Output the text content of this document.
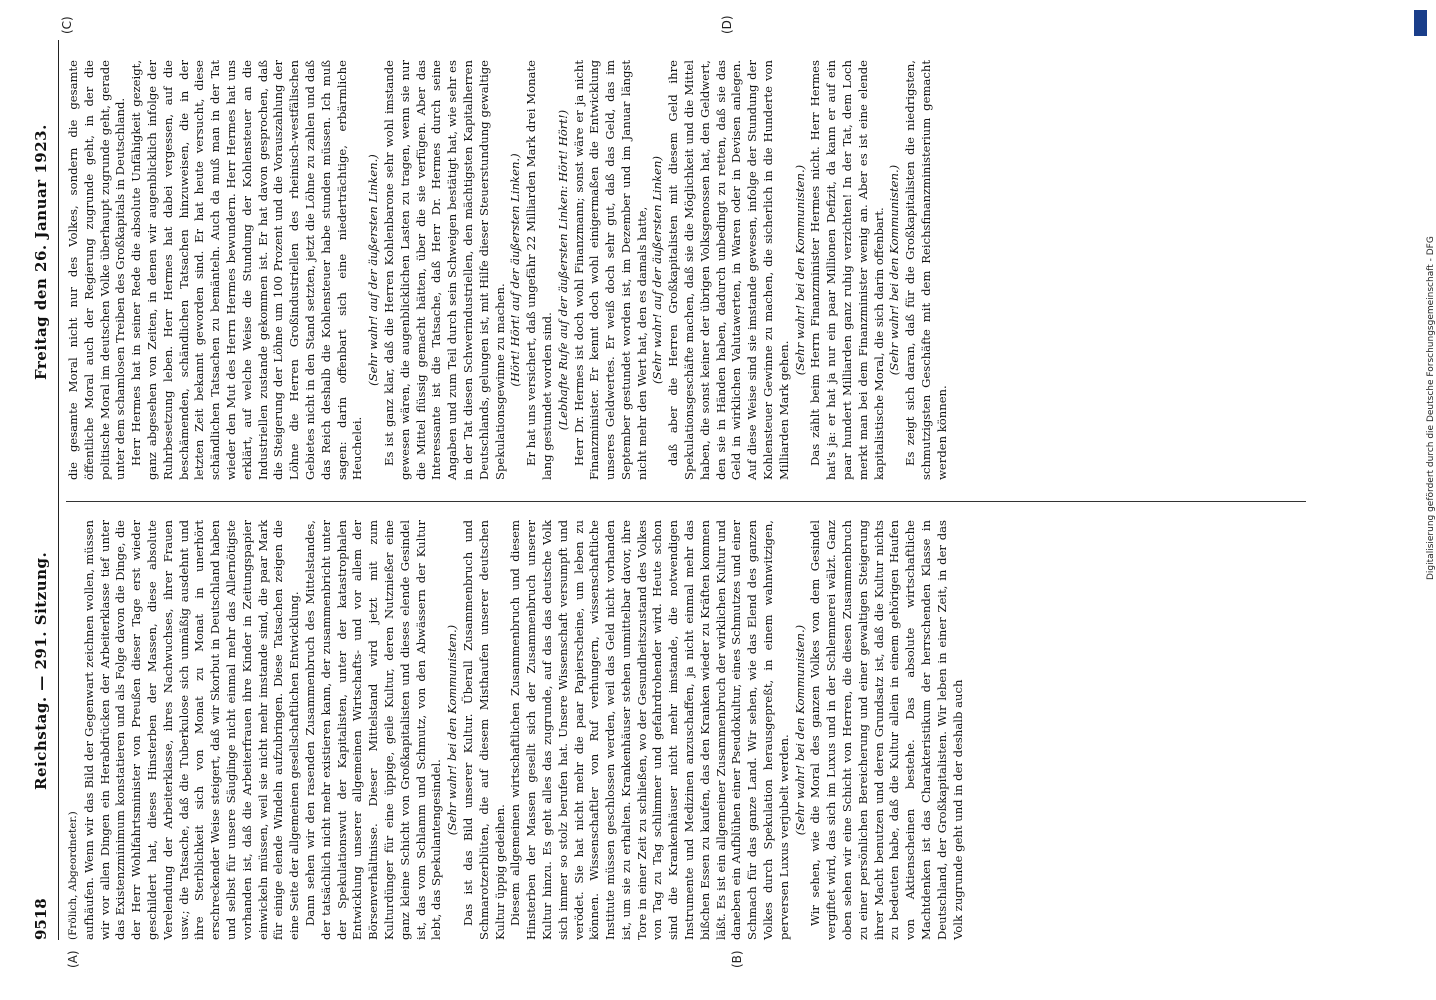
9518
Reichstag. — 291. Sitzung.
Freitag den 26. Januar 1923.
(A)	(B)
(C)	(D)

(Frölich, Abgeordneter.) aufhäufen. Wenn wir das Bild der Gegenwart zeichnen wollen, müssen wir vor allen Dingen ein Herabdrücken der Arbeiterklasse tief unter das Existenzminimum konstatieren und als Folge davon die Dinge, die der Herr Wohlfahrtsminister von Preußen dieser Tage erst wieder geschildert hat, dieses Hinsterben der Massen, diese absolute Verelendung der Arbeiterklasse, ihres Nachwuchses, ihrer Frauen usw.; die Tatsache, daß die Tuberkulose sich unmäßig ausdehnt und ihre Sterblichkeit sich von Monat zu Monat in unerhört erschreckender Weise steigert, daß wir Skorbut in Deutschland haben und selbst für unsere Säuglinge nicht einmal mehr das Allernötigste vorhanden ist, daß die Arbeiterfrauen ihre Kinder in Zeitungspapier einwickeln müssen, weil sie nicht mehr imstande sind, die paar Mark für einige elende Windeln aufzubringen. Diese Tatsachen zeigen die eine Seite der allgemeinen gesellschaftlichen Entwicklung. Dann sehen wir den rasenden Zusammenbruch des Mittelstandes, der tatsächlich nicht mehr existieren kann, der zusammenbricht unter der Spekulationswut der Kapitalisten, unter der katastrophalen Entwicklung unserer allgemeinen Wirtschafts- und vor allem der Börsenverhältnisse. Dieser Mittelstand wird jetzt mit zum Kulturdünger für eine üppige, geile Kultur, deren Nutznießer eine ganz kleine Schicht von Großkapitalisten und dieses elende Gesindel ist, das vom Schlamm und Schmutz, von den Abwässern der Kultur lebt, das Spekulantengesindel.

(Sehr wahr! bei den Kommunisten.) Das ist das Bild unserer Kultur. Überall Zusammenbruch und Schmarotzerblüten, die auf diesem Misthaufen unserer deutschen Kultur üppig gedeihen. Diesem allgemeinen wirtschaftlichen Zusammenbruch und diesem Hinsterben der Massen gesellt sich der Zusammenbruch unserer Kultur hinzu. Es geht alles das zugrunde, auf das das deutsche Volk sich immer so stolz berufen hat. Unsere Wissenschaft versumpft und verödet. Sie hat nicht mehr die paar Papierscheine, um leben zu können. Wissenschaftler von Ruf verhungern, wissenschaftliche Institute müssen geschlossen werden, weil das Geld nicht vorhanden ist, um sie zu erhalten. Krankenhäuser stehen unmittelbar davor, ihre Tore in einer Zeit zu schließen, wo der Gesundheitszustand des Volkes von Tag zu Tag schlimmer und gefahrdrohender wird. Heute schon sind die Krankenhäuser nicht mehr imstande, die notwendigen Instrumente und Medizinen anzuschaffen, ja nicht einmal mehr das bißchen Essen zu kaufen, das den Kranken wieder zu Kräften kommen läßt. Es ist ein allgemeiner Zusammenbruch der wirklichen Kultur und daneben ein Aufblühen einer Pseudokultur, eines Schmutzes und einer Schmach für das ganze Land. Wir sehen, wie das Elend des ganzen Volkes durch Spekulation herausgepreßt, in einem wahnwitzigen, perversen Luxus verjubelt werden.

(Sehr wahr! bei den Kommunisten.) Wir sehen, wie die Moral des ganzen Volkes von dem Gesindel vergiftet wird, das sich im Luxus und in der Schlemmerei wälzt. Ganz oben sehen wir eine Schicht von Herren, die diesen Zusammenbruch zu einer persönlichen Bereicherung und einer gewaltigen Steigerung ihrer Macht benutzen und deren Grundsatz ist, daß die Kultur nichts zu bedeuten habe, daß die Kultur allein in einem gehörigen Haufen von Aktienscheinen bestehe. Das absolute wirtschaftliche Machtdenken ist das Charakteristikum der herrschenden Klasse in Deutschland, der Großkapitalisten. Wir leben in einer Zeit, in der das Volk zugrunde geht und in der deshalb auch

die gesamte Moral nicht nur des Volkes, sondern die gesamte öffentliche Moral auch der Regierung zugrunde geht, in der die politische Moral im deutschen Volke überhaupt zugrunde geht, gerade unter dem schamlosen Treiben des Großkapitals in Deutschland. Herr Hermes hat in seiner Rede die absolute Unfähigkeit gezeigt, ganz abgesehen von Zeiten, in denen wir augenblicklich infolge der Ruhrbesetzung leben. Herr Hermes hat dabei vergessen, auf die beschämenden, schändlichen Tatsachen hinzuweisen, die in der letzten Zeit bekannt geworden sind. Er hat heute versucht, diese schändlichen Tatsachen zu bemänteln. Auch da muß man in der Tat wieder den Mut des Herrn Hermes bewundern. Herr Hermes hat uns erklärt, auf welche Weise die Stundung der Kohlensteuer an die Industriellen zustande gekommen ist. Er hat davon gesprochen, daß die Steigerung der Löhne um 100 Prozent und die Vorauszahlung der Löhne die Herren Großindustriellen des rheinisch-westfälischen Gebietes nicht in den Stand setzten, jetzt die Löhne zu zahlen und daß das Reich deshalb die Kohlensteuer habe stunden müssen. Ich muß sagen: darin offenbart sich eine niederträchtige, erbärmliche Heuchelei.

(Sehr wahr! auf der äußersten Linken.) Es ist ganz klar, daß die Herren Kohlenbarone sehr wohl imstande gewesen wären, die augenblicklichen Lasten zu tragen, wenn sie nur die Mittel flüssig gemacht hätten, über die sie verfügen. Aber das Interessante ist die Tatsache, daß Herr Dr. Hermes durch seine Angaben und zum Teil durch sein Schweigen bestätigt hat, wie sehr es in der Tat diesen Schwerindustriellen, den mächtigsten Kapitalherren Deutschlands, gelungen ist, mit Hilfe dieser Steuerstundung gewaltige Spekulationsgewinne zu machen. (Hört! Hört! auf der äußersten Linken.) Er hat uns versichert, daß ungefähr 22 Milliarden Mark drei Monate lang gestundet worden sind. (Lebhafte Rufe auf der äußersten Linken: Hört! Hört!) Herr Dr. Hermes ist doch wohl Finanzmann; sonst wäre er ja nicht Finanzminister. Er kennt doch wohl einigermaßen die Entwicklung unseres Geldwertes. Er weiß doch sehr gut, daß das Geld, das im September gestundet worden ist, im Dezember und im Januar längst nicht mehr den Wert hat, den es damals hatte, (Sehr wahr! auf der äußersten Linken) daß aber die Herren Großkapitalisten mit diesem Geld ihre Spekulationsgeschäfte machen, daß sie die Möglichkeit und die Mittel haben, die sonst keiner der übrigen Volksgenossen hat, den Geldwert, den sie in Händen haben, dadurch unbedingt zu retten, daß sie das Geld in wirklichen Valutawerten, in Waren oder in Devisen anlegen. Auf diese Weise sind sie imstande gewesen, infolge der Stundung der Kohlensteuer Gewinne zu machen, die sicherlich in die Hunderte von Milliarden Mark gehen.

(Sehr wahr! bei den Kommunisten.) Das zählt beim Herrn Finanzminister Hermes nicht. Herr Hermes hat's ja: er hat ja nur ein paar Millionen Defizit, da kann er auf ein paar hundert Milliarden ganz ruhig verzichten! In der Tat, dem Loch merkt man bei dem Finanzminister wenig an. Aber es ist eine elende kapitalistische Moral, die sich darin offenbart. (Sehr wahr! bei den Kommunisten.) Es zeigt sich daran, daß für die Großkapitalisten die niedrigsten, schmutzigsten Geschäfte mit dem Reichsfinanzministerium gemacht werden können.	Digitalisierung gefördert durch die Deutsche Forschungsgemeinschaft - DFG
